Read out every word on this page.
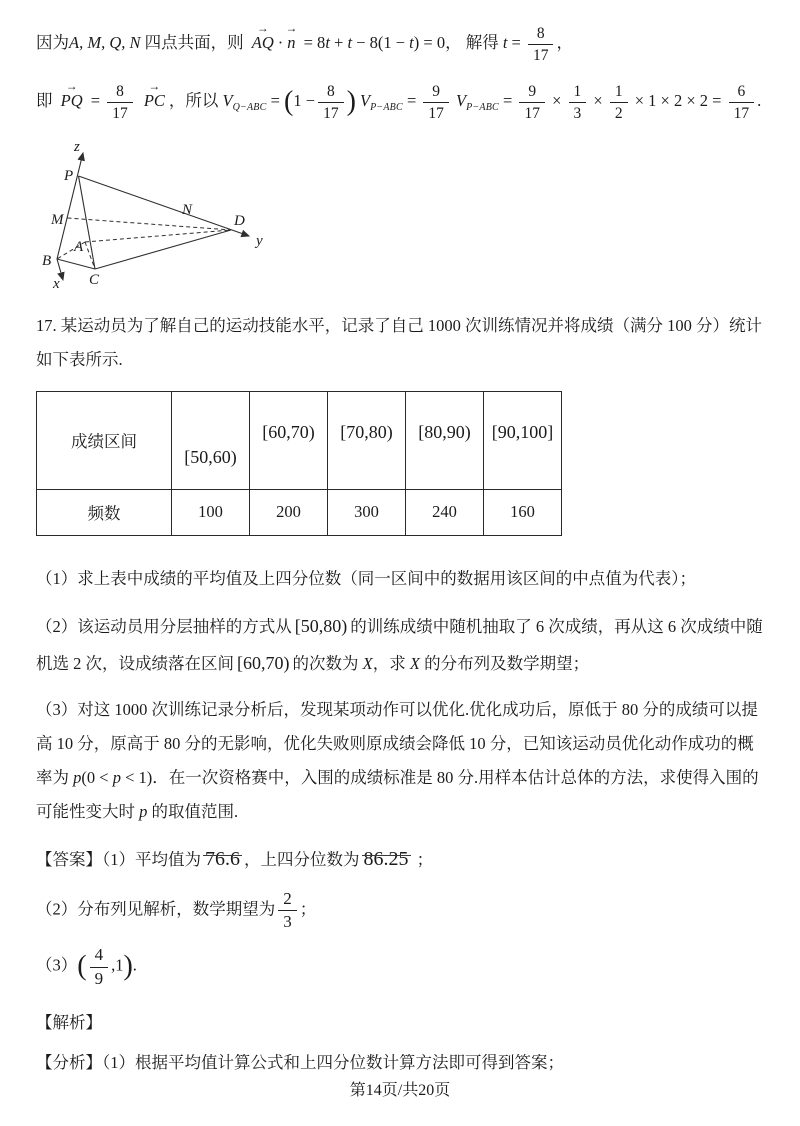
因为A, M, Q, N 四点共面，则 → AQ · → n = 8t + t − 8(1 − t) = 0， 解得 $t = \frac{8}{17}$ ，
即 → PQ = $\frac{8}{17}$ → PC ，所以 $V_{Q-ABC} = (1 - \frac{8}{17}$ ) $V_{P-ABC} = \frac{9}{17} V_{P-ABC} = \frac{9}{17} \times \frac{1}{3} \times \frac{1}{2} \times 1 \times 2 \times 2 = \frac{6}{17}$ .
z
P
M
N
D
y
A
B
C
x

17. 某运动员为了解自己的运动技能水平，记录了自己 1000 次训练情况并将成绩（满分 100 分）统计如下表所示.

成绩区间	[50,60)	[60,70)	[70,80)	[80,90)	[90,100]
频数	100	200	300	240	160

（1）求上表中成绩的平均值及上四分位数（同一区间中的数据用该区间的中点值为代表）；

（2）该运动员用分层抽样的方式从 [50,80) 的训练成绩中随机抽取了 6 次成绩，再从这 6 次成绩中随机选 2 次，设成绩落在区间 [60,70) 的次数为 X，求 X 的分布列及数学期望；

（3）对这 1000 次训练记录分析后，发现某项动作可以优化.优化成功后，原低于 80 分的成绩可以提高 10 分，原高于 80 分的无影响，优化失败则原成绩会降低 10 分，已知该运动员优化动作成功的概率为 p(0 < p < 1)．在一次资格赛中，入围的成绩标准是 80 分.用样本估计总体的方法，求使得入围的可能性变大时 p 的取值范围.

【答案】（1）平均值为 76.6 ，上四分位数为 86.25 ；

（2）分布列见解析，数学期望为 $\frac{2}{3}$ ；

$(3)( \frac{4}{9} ,1)$.

【解析】

【分析】（1）根据平均值计算公式和上四分位数计算方法即可得到答案；

第14页/共20页
